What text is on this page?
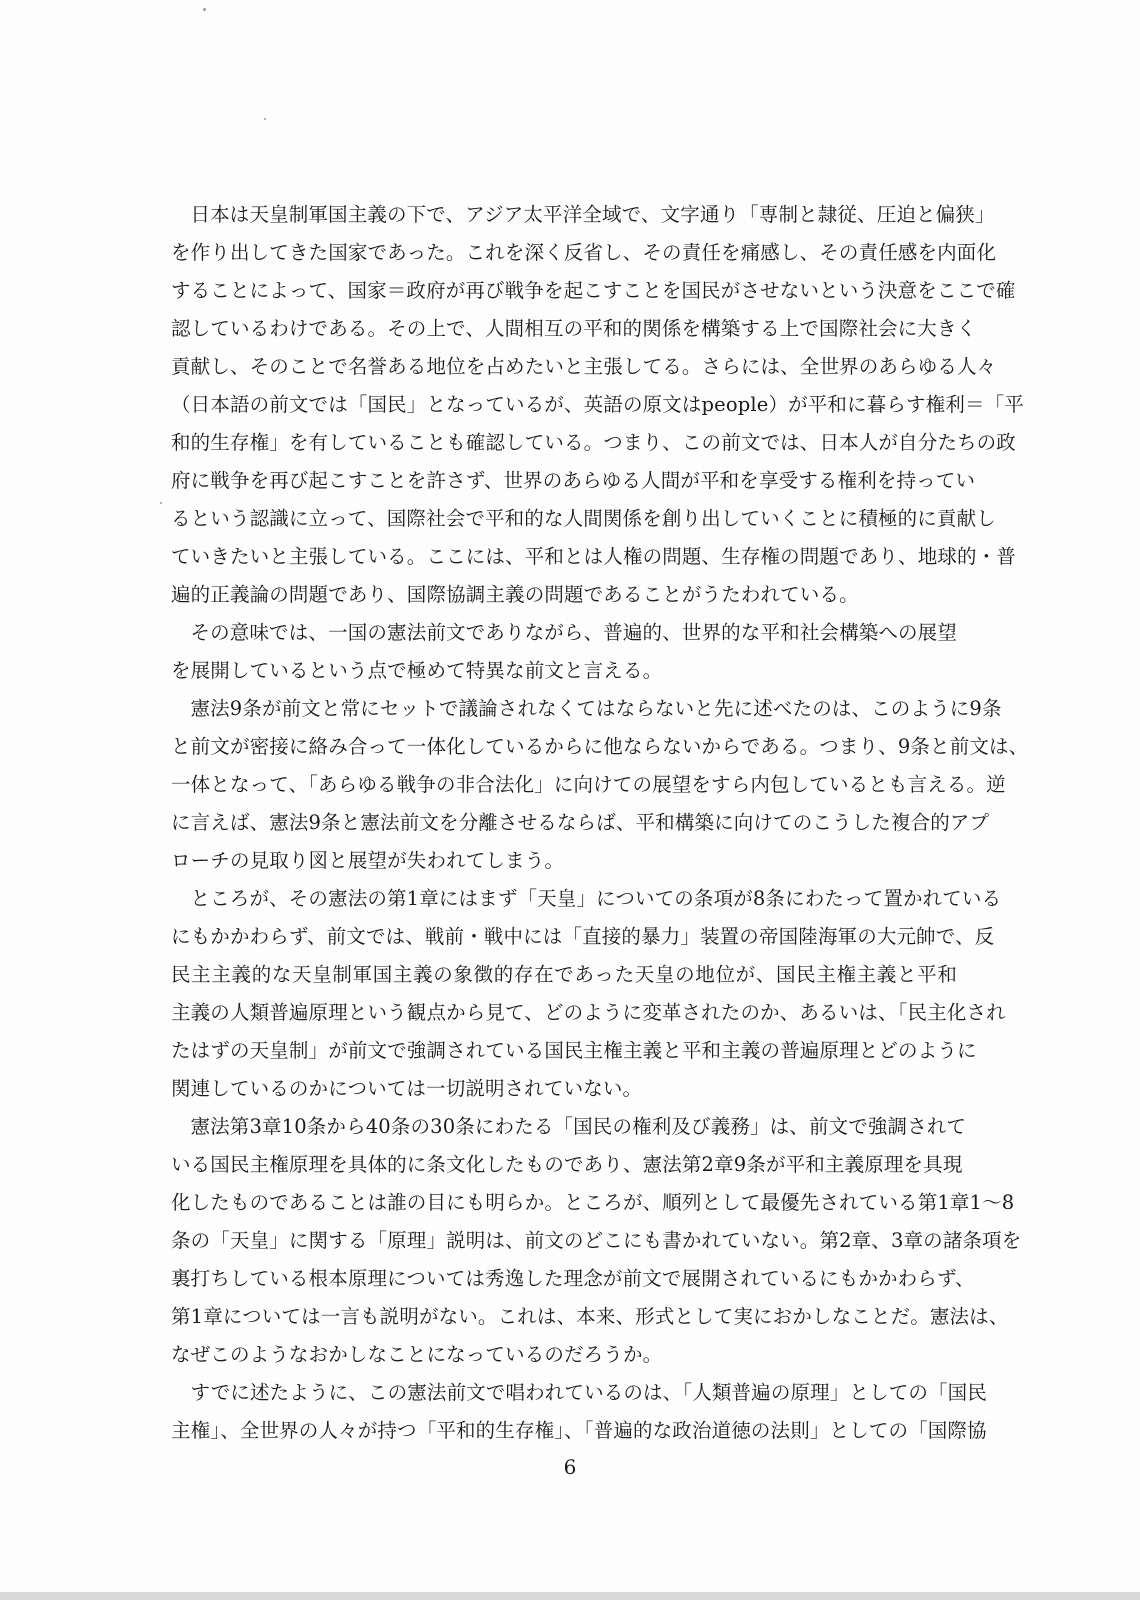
日本は天皇制軍国主義の下で、アジア太平洋全域で、文字通り「専制と隷従、圧迫と偏狭」
を作り出してきた国家であった。これを深く反省し、その責任を痛感し、その責任感を内面化
することによって、国家＝政府が再び戦争を起こすことを国民がさせないという決意をここで確
認しているわけである。その上で、人間相互の平和的関係を構築する上で国際社会に大きく
貢献し、そのことで名誉ある地位を占めたいと主張してる。さらには、全世界のあらゆる人々
（日本語の前文では「国民」となっているが、英語の原文はpeople）が平和に暮らす権利＝「平
和的生存権」を有していることも確認している。つまり、この前文では、日本人が自分たちの政
府に戦争を再び起こすことを許さず、世界のあらゆる人間が平和を享受する権利を持ってい
るという認識に立って、国際社会で平和的な人間関係を創り出していくことに積極的に貢献し
ていきたいと主張している。ここには、平和とは人権の問題、生存権の問題であり、地球的・普
遍的正義論の問題であり、国際協調主義の問題であることがうたわれている。
その意味では、一国の憲法前文でありながら、普遍的、世界的な平和社会構築への展望
を展開しているという点で極めて特異な前文と言える。
憲法9条が前文と常にセットで議論されなくてはならないと先に述べたのは、このように9条
と前文が密接に絡み合って一体化しているからに他ならないからである。つまり、9条と前文は、
一体となって、「あらゆる戦争の非合法化」に向けての展望をすら内包しているとも言える。逆
に言えば、憲法9条と憲法前文を分離させるならば、平和構築に向けてのこうした複合的アプ
ローチの見取り図と展望が失われてしまう。
ところが、その憲法の第1章にはまず「天皇」についての条項が8条にわたって置かれている
にもかかわらず、前文では、戦前・戦中には「直接的暴力」装置の帝国陸海軍の大元帥で、反
民主主義的な天皇制軍国主義の象徴的存在であった天皇の地位が、国民主権主義と平和
主義の人類普遍原理という観点から見て、どのように変革されたのか、あるいは、「民主化され
たはずの天皇制」が前文で強調されている国民主権主義と平和主義の普遍原理とどのように
関連しているのかについては一切説明されていない。
憲法第3章10条から40条の30条にわたる「国民の権利及び義務」は、前文で強調されて
いる国民主権原理を具体的に条文化したものであり、憲法第2章9条が平和主義原理を具現
化したものであることは誰の目にも明らか。ところが、順列として最優先されている第1章1～8
条の「天皇」に関する「原理」説明は、前文のどこにも書かれていない。第2章、3章の諸条項を
裏打ちしている根本原理については秀逸した理念が前文で展開されているにもかかわらず、
第1章については一言も説明がない。これは、本来、形式として実におかしなことだ。憲法は、
なぜこのようなおかしなことになっているのだろうか。
すでに述たように、この憲法前文で唱われているのは、「人類普遍の原理」としての「国民
主権」、全世界の人々が持つ「平和的生存権」、「普遍的な政治道徳の法則」としての「国際協
6
